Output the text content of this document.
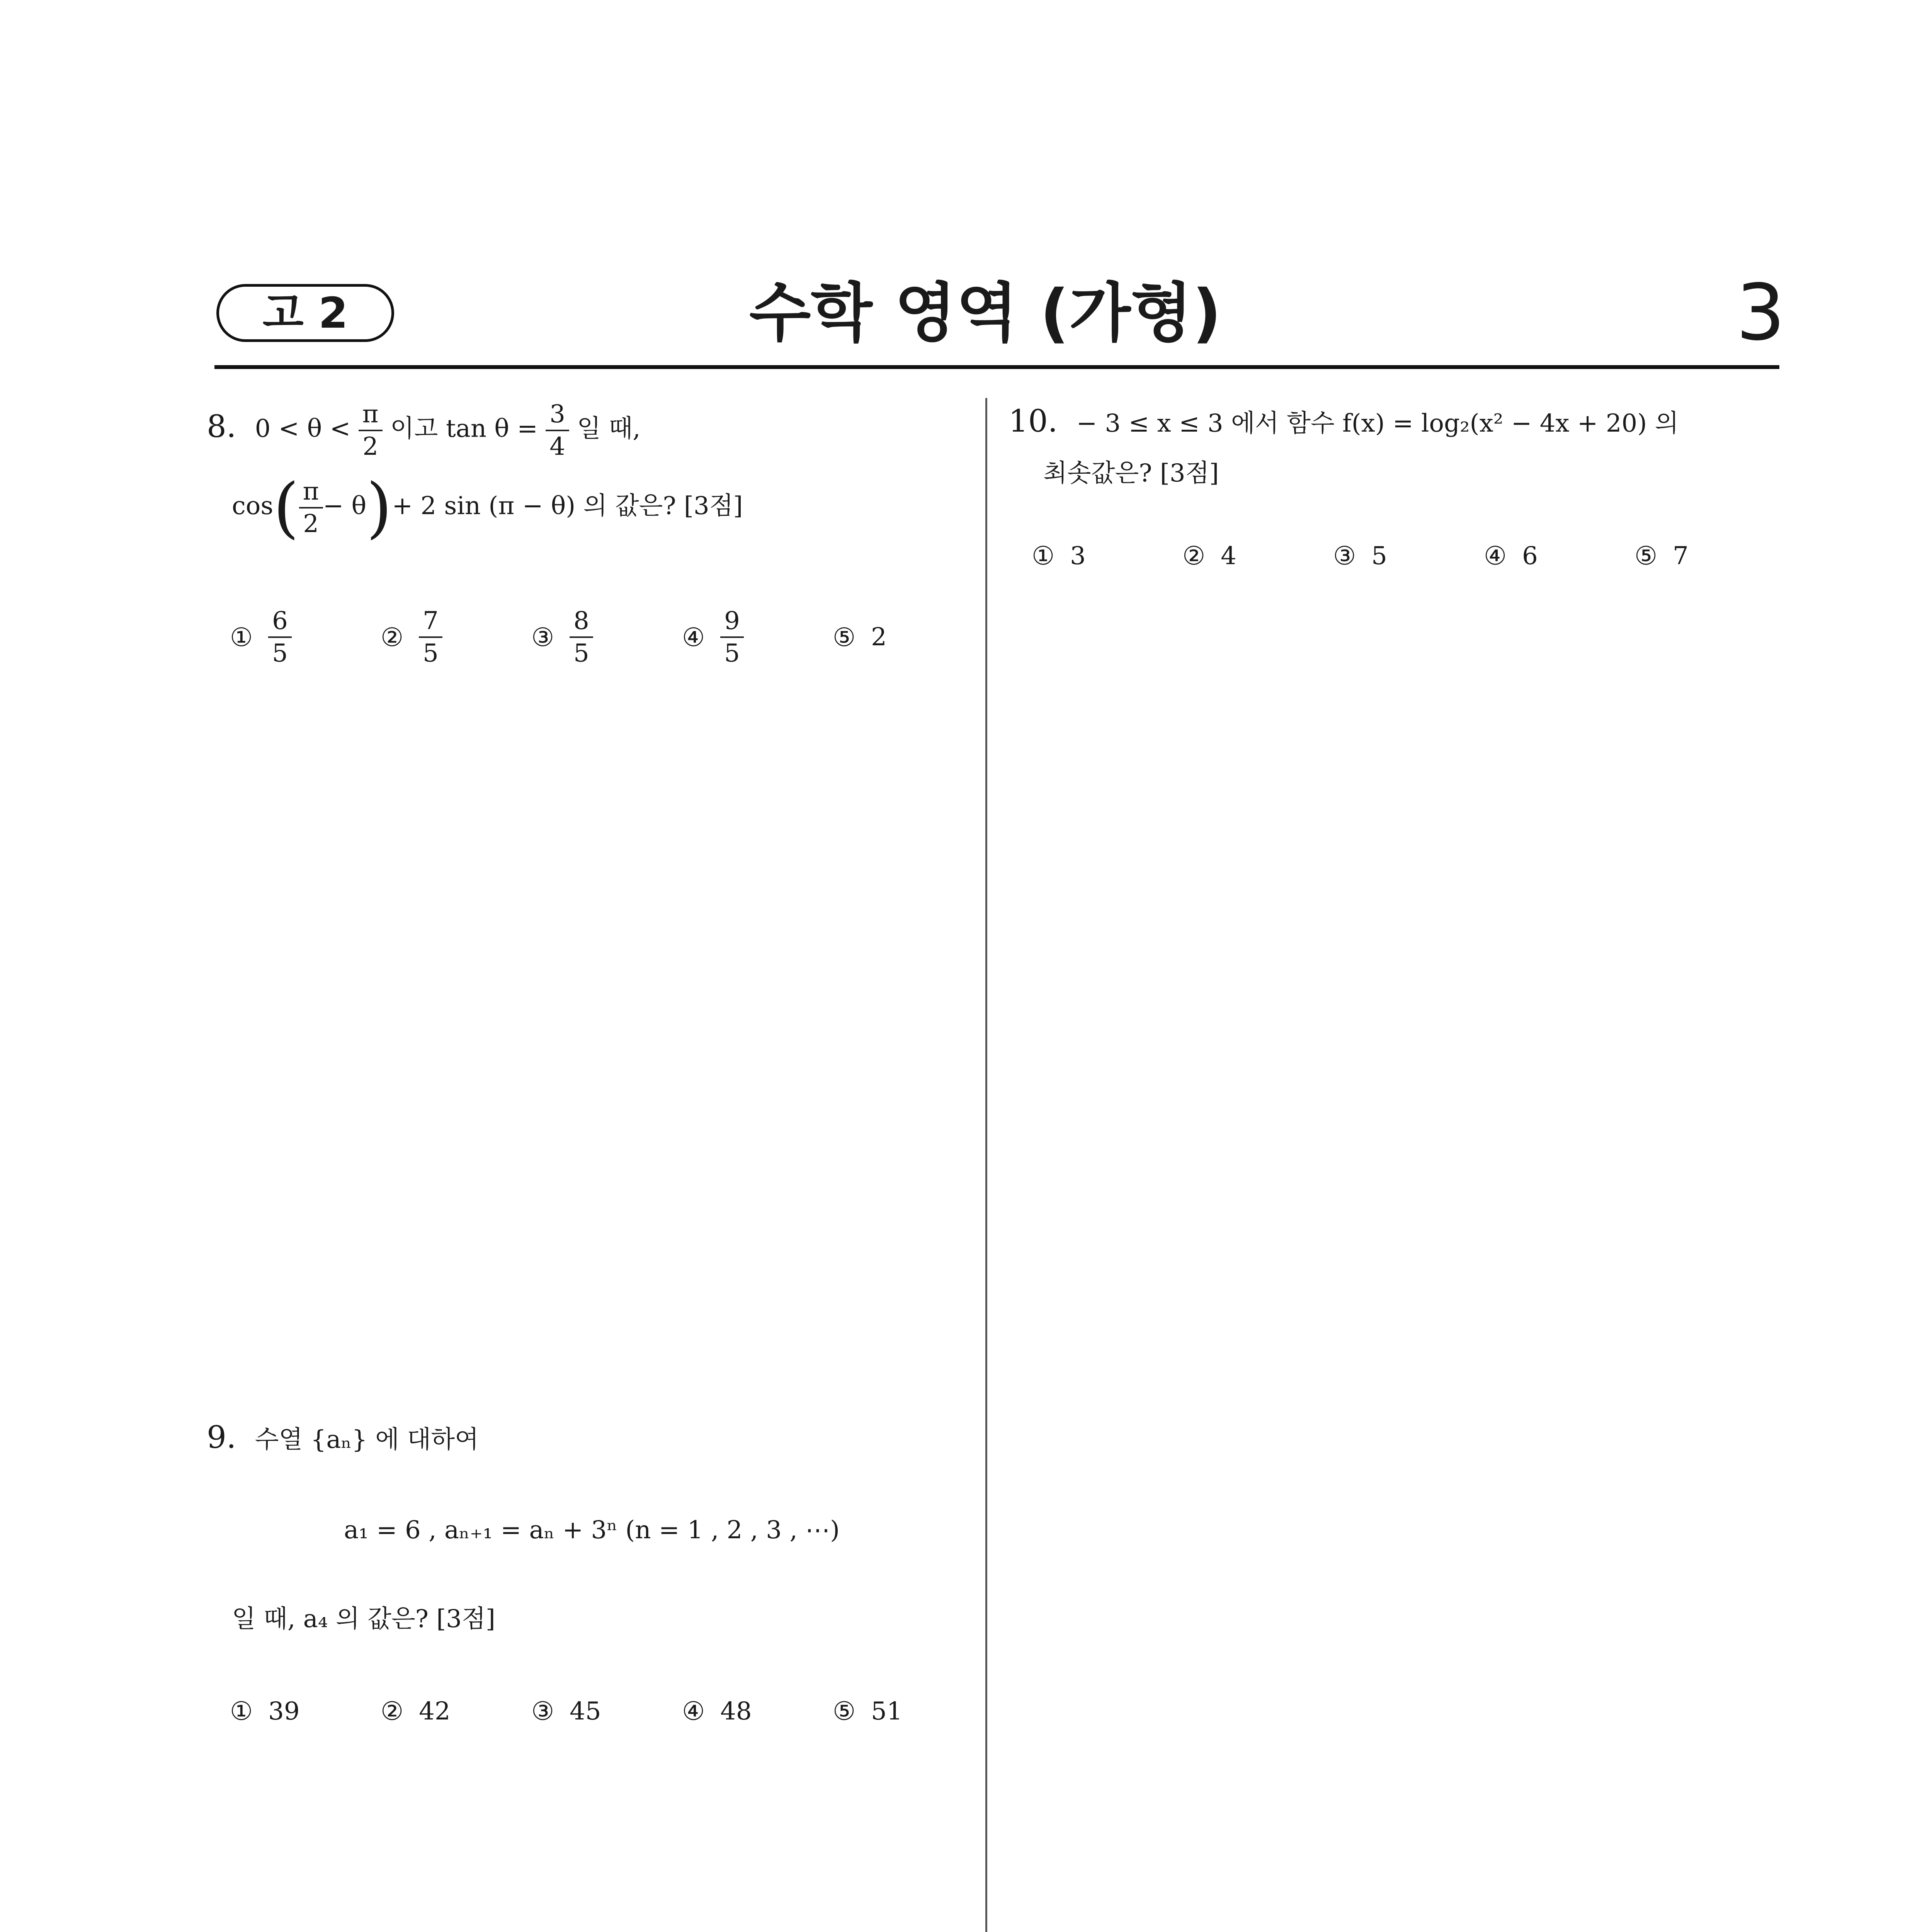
고 2	수학 영역 (가형)	3
8. $0 < \theta < \frac{\pi}{2}$ 이고 $\tan \theta = \frac{3}{4}$ 일 때,
$\cos( \frac{\pi}{2} - \theta)+ 2$ sin (π − θ) 의 값은? [3점]
① $\frac{6}{5}$	② $\frac{7}{5}$	③ $\frac{8}{5}$	④ $\frac{9}{5}$	⑤ 2
9. 수열 {aₙ} 에 대하여
a₁ = 6 , aₙ₊₁ = aₙ + 3ⁿ (n = 1 , 2 , 3 , ⋯)
일 때, a₄ 의 값은? [3점]
① 39	② 42	③ 45	④ 48	⑤ 51
10. − 3 ≤ x ≤ 3 에서 함수 f(x) = log₂(x² − 4x + 20) 의
최솟값은? [3점]
① 3	② 4	③ 5	④ 6	⑤ 7
